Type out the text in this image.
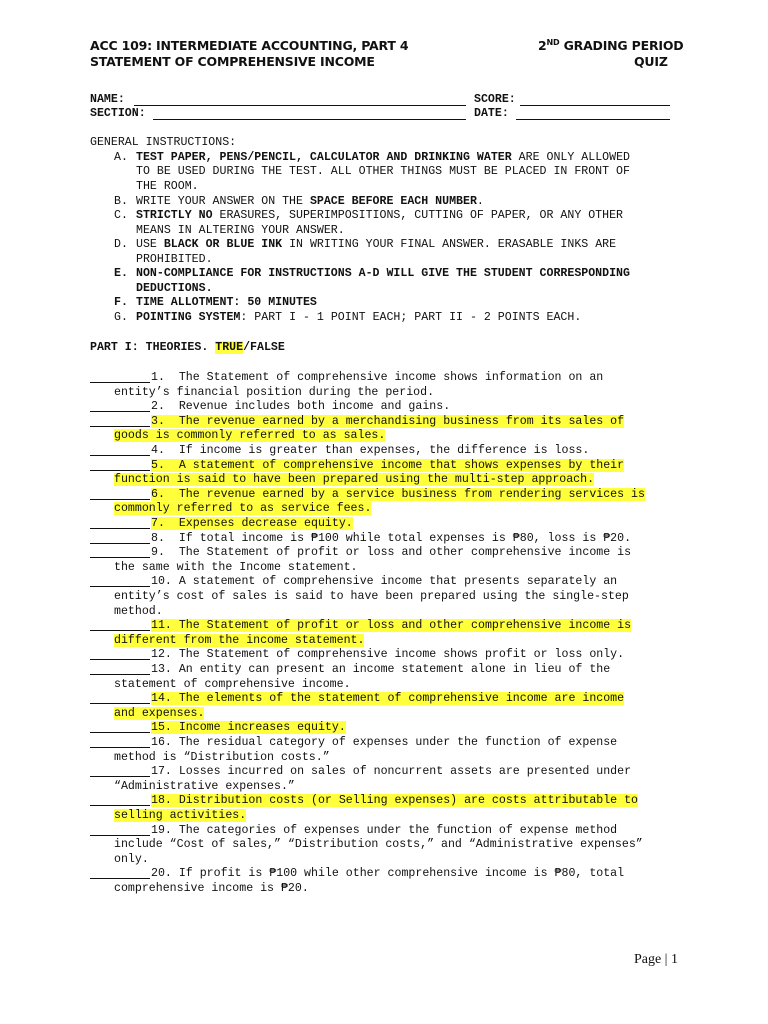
ACC 109: INTERMEDIATE ACCOUNTING, PART 4
STATEMENT OF COMPREHENSIVE INCOME
2ND GRADING PERIOD
QUIZ
NAME:
SECTION:
SCORE:
DATE:
GENERAL INSTRUCTIONS:
A. TEST PAPER, PENS/PENCIL, CALCULATOR AND DRINKING WATER ARE ONLY ALLOWED
TO BE USED DURING THE TEST. ALL OTHER THINGS MUST BE PLACED IN FRONT OF
THE ROOM.
B. WRITE YOUR ANSWER ON THE SPACE BEFORE EACH NUMBER.
C. STRICTLY NO ERASURES, SUPERIMPOSITIONS, CUTTING OF PAPER, OR ANY OTHER
MEANS IN ALTERING YOUR ANSWER.
D. USE BLACK OR BLUE INK IN WRITING YOUR FINAL ANSWER. ERASABLE INKS ARE
PROHIBITED.
E. NON-COMPLIANCE FOR INSTRUCTIONS A-D WILL GIVE THE STUDENT CORRESPONDING
DEDUCTIONS.
F. TIME ALLOTMENT: 50 MINUTES
G. POINTING SYSTEM: PART I - 1 POINT EACH; PART II - 2 POINTS EACH.
PART I: THEORIES. TRUE/FALSE
1.  The Statement of comprehensive income shows information on an
entity’s financial position during the period.
2.  Revenue includes both income and gains.
3.  The revenue earned by a merchandising business from its sales of
goods is commonly referred to as sales.
4.  If income is greater than expenses, the difference is loss.
5.  A statement of comprehensive income that shows expenses by their
function is said to have been prepared using the multi-step approach.
6.  The revenue earned by a service business from rendering services is
commonly referred to as service fees.
7.  Expenses decrease equity.
8.  If total income is ₱100 while total expenses is ₱80, loss is ₱20.
9.  The Statement of profit or loss and other comprehensive income is
the same with the Income statement.
10. A statement of comprehensive income that presents separately an
entity’s cost of sales is said to have been prepared using the single-step
method.
11. The Statement of profit or loss and other comprehensive income is
different from the income statement.
12. The Statement of comprehensive income shows profit or loss only.
13. An entity can present an income statement alone in lieu of the
statement of comprehensive income.
14. The elements of the statement of comprehensive income are income
and expenses.
15. Income increases equity.
16. The residual category of expenses under the function of expense
method is “Distribution costs.”
17. Losses incurred on sales of noncurrent assets are presented under
“Administrative expenses.”
18. Distribution costs (or Selling expenses) are costs attributable to
selling activities.
19. The categories of expenses under the function of expense method
include “Cost of sales,” “Distribution costs,” and “Administrative expenses”
only.
20. If profit is ₱100 while other comprehensive income is ₱80, total
comprehensive income is ₱20.
Page | 1
